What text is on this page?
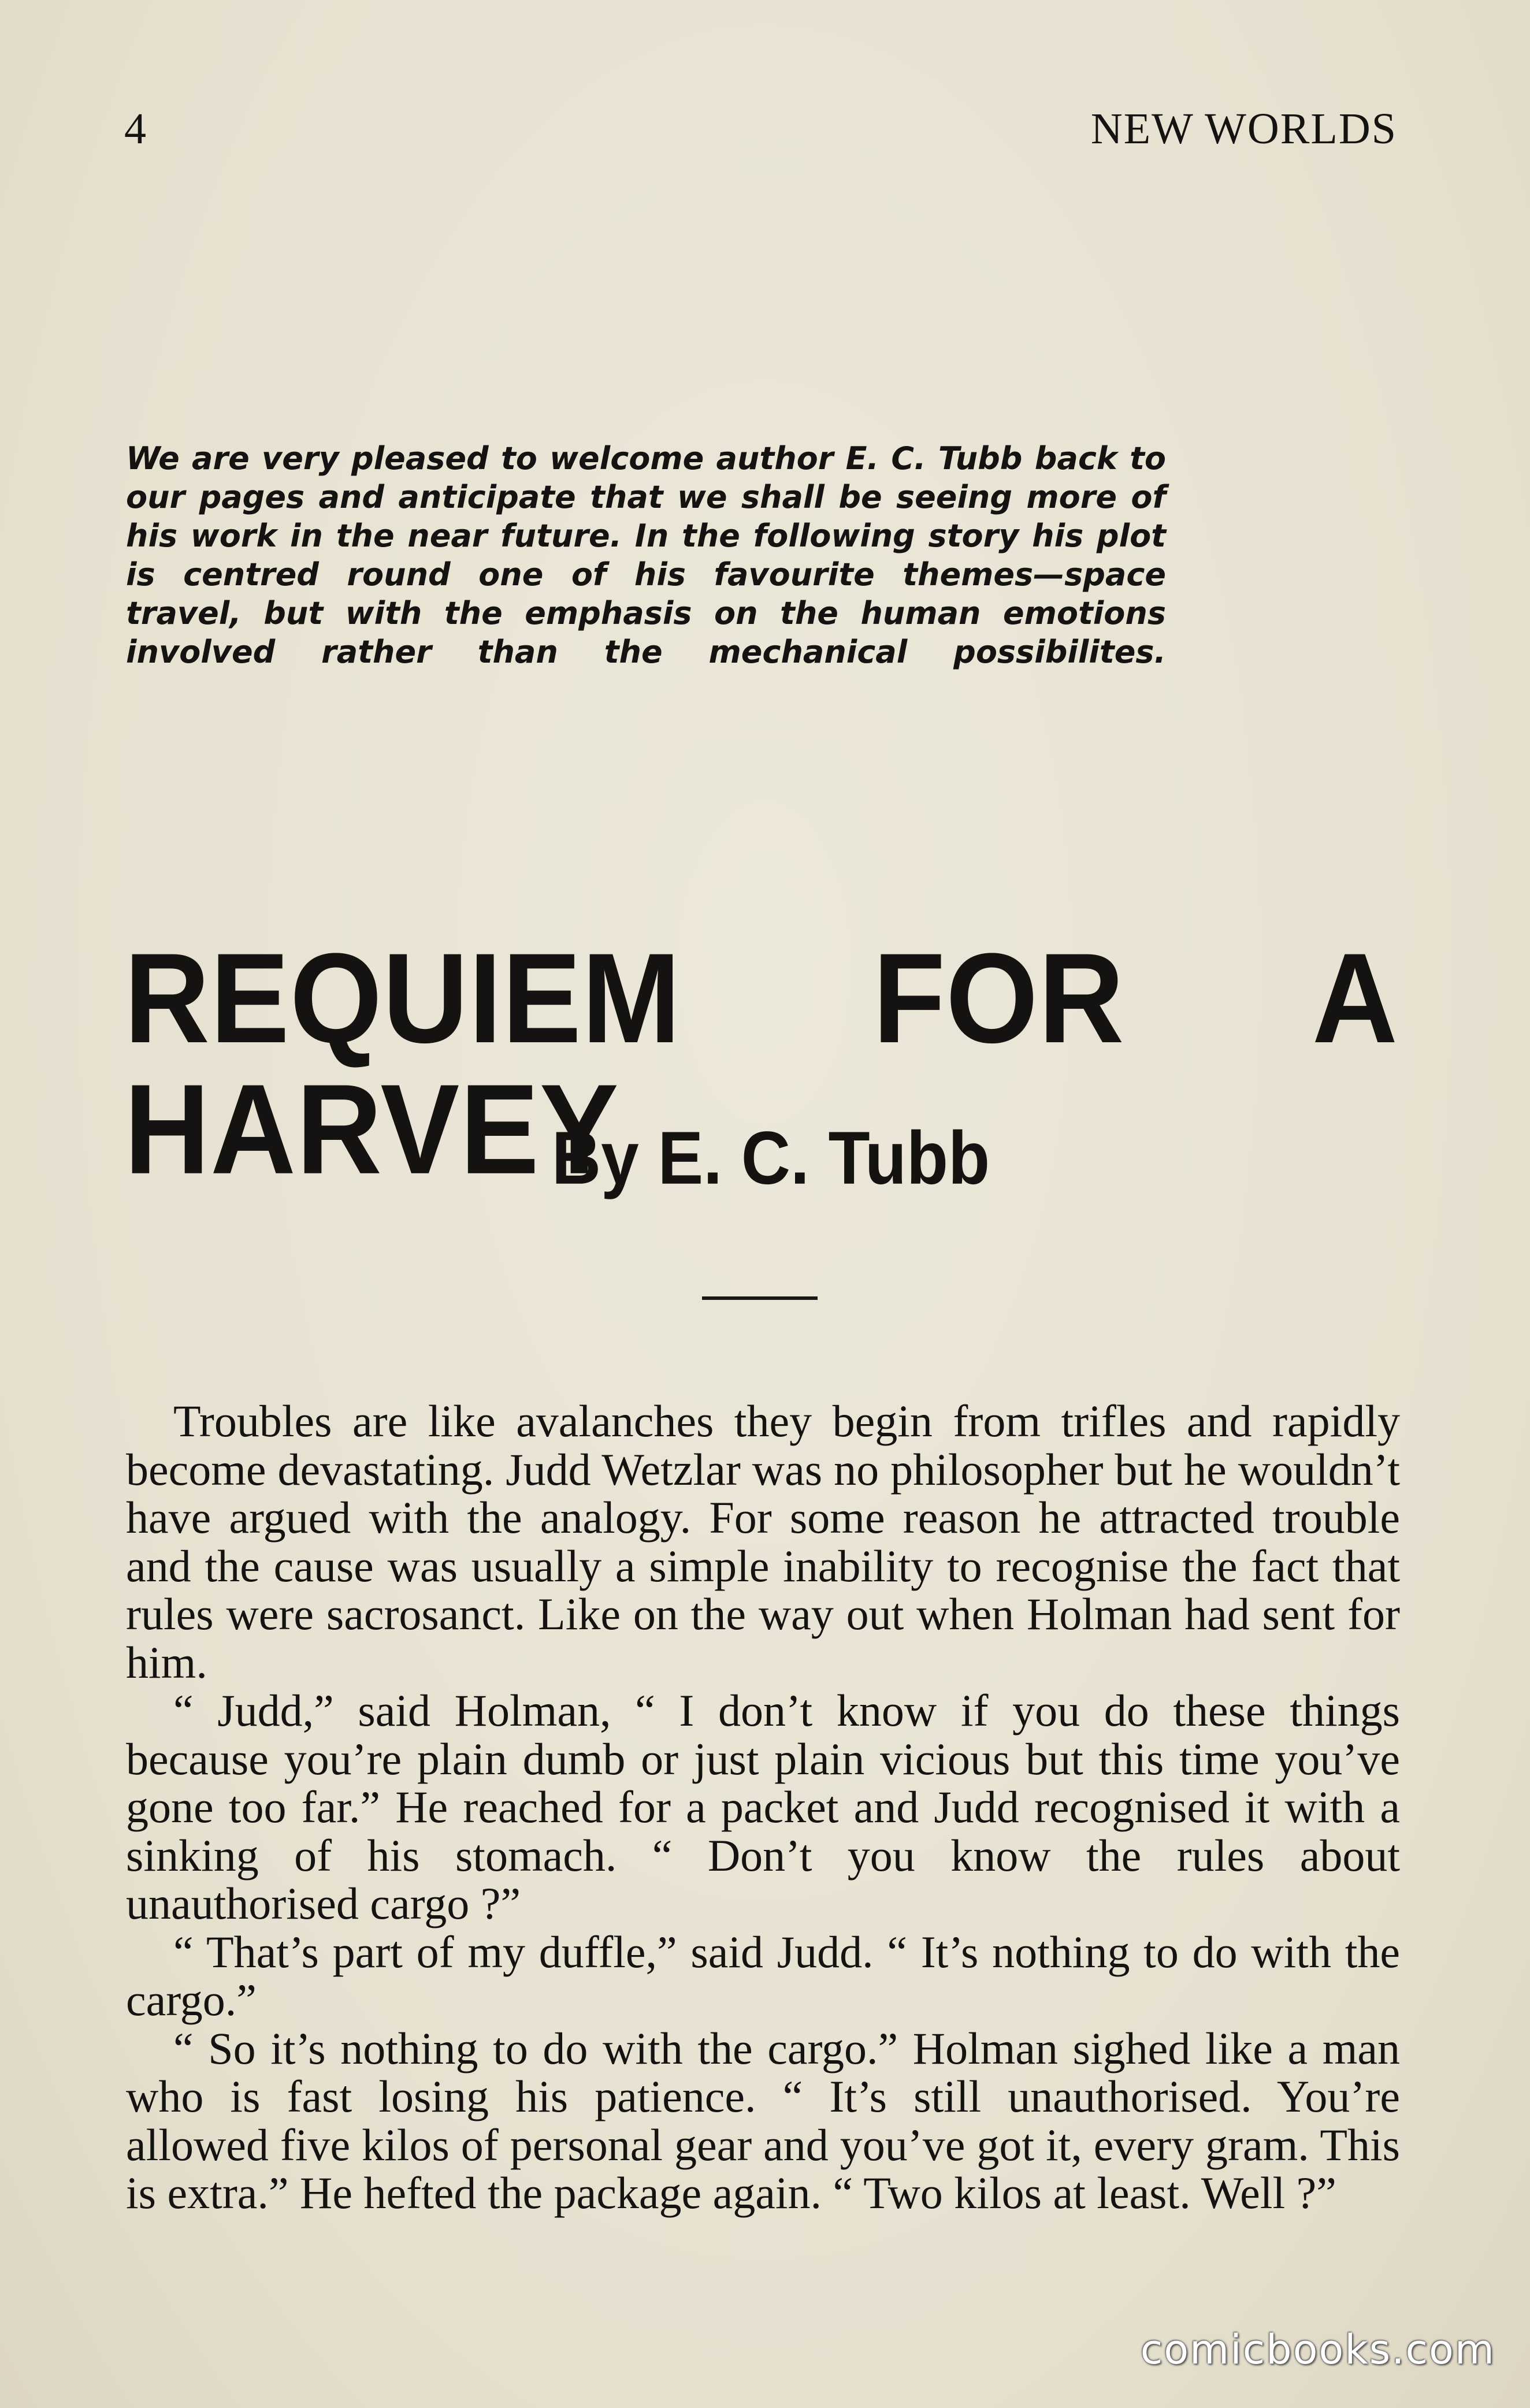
4	NEW WORLDS
We are very pleased to welcome author E. C. Tubb back to our pages and anticipate that we shall be seeing more of his work in the near future. In the following story his plot is centred round one of his favourite themes—space travel, but with the emphasis on the human emotions involved rather than the mechanical possibilites.
REQUIEM FOR A HARVEY
By E. C. Tubb

Troubles are like avalanches they begin from trifles and rapidly become devastating. Judd Wetzlar was no philosopher but he wouldn’t have argued with the analogy. For some reason he attracted trouble and the cause was usually a simple inability to recognise the fact that rules were sacrosanct. Like on the way out when Holman had sent for him.

“ Judd,” said Holman, “ I don’t know if you do these things because you’re plain dumb or just plain vicious but this time you’ve gone too far.” He reached for a packet and Judd recognised it with a sinking of his stomach. “ Don’t you know the rules about unauthorised cargo ?”

“ That’s part of my duffle,” said Judd. “ It’s nothing to do with the cargo.”

“ So it’s nothing to do with the cargo.” Holman sighed like a man who is fast losing his patience. “ It’s still unauthorised. You’re allowed five kilos of personal gear and you’ve got it, every gram. This is extra.” He hefted the package again. “ Two kilos at least. Well ?”

comicbooks.com
